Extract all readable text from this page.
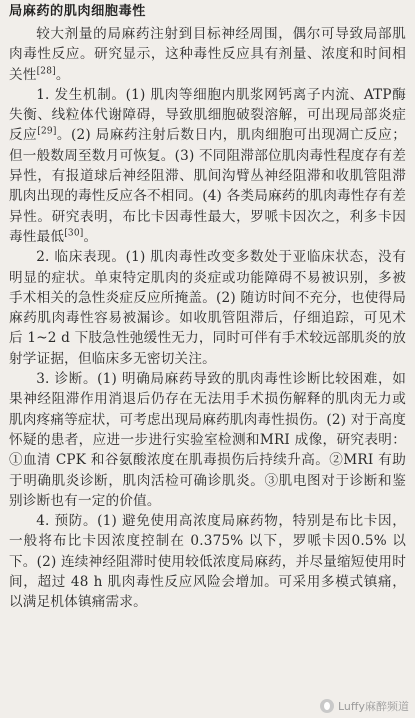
局麻药的肌肉细胞毒性

较大剂量的局麻药注射到目标神经周围，偶尔可导致局部肌肉毒性反应。研究显示，这种毒性反应具有剂量、浓度和时间相关性[28]。

1. 发生机制。(1) 肌肉等细胞内肌浆网钙离子内流、ATP酶失衡、线粒体代谢障碍，导致肌细胞破裂溶解，可出现局部炎症反应[29]。(2) 局麻药注射后数日内，肌肉细胞可出现凋亡反应；但一般数周至数月可恢复。(3) 不同阻滞部位肌肉毒性程度存有差异性，有报道球后神经阻滞、肌间沟臂丛神经阻滞和收肌管阻滞肌肉出现的毒性反应各不相同。(4) 各类局麻药的肌肉毒性存有差异性。研究表明，布比卡因毒性最大，罗哌卡因次之，利多卡因毒性最低[30]。

2. 临床表现。(1) 肌肉毒性改变多数处于亚临床状态，没有明显的症状。单束特定肌肉的炎症或功能障碍不易被识别，多被手术相关的急性炎症反应所掩盖。(2) 随访时间不充分，也使得局麻药肌肉毒性容易被漏诊。如收肌管阻滞后，仔细追踪，可见术后 1~2 d 下肢急性弛缓性无力，同时可伴有手术较远部肌炎的放射学证据，但临床多无密切关注。

3. 诊断。(1) 明确局麻药导致的肌肉毒性诊断比较困难，如果神经阻滞作用消退后仍存在无法用手术损伤解释的肌肉无力或肌肉疼痛等症状，可考虑出现局麻药肌肉毒性损伤。(2) 对于高度怀疑的患者，应进一步进行实验室检测和MRI 成像，研究表明：①血清 CPK 和谷氨酸浓度在肌毒损伤后持续升高。②MRI 有助于明确肌炎诊断，肌肉活检可确诊肌炎。③肌电图对于诊断和鉴别诊断也有一定的价值。

4. 预防。(1) 避免使用高浓度局麻药物，特别是布比卡因，一般将布比卡因浓度控制在 0.375% 以下，罗哌卡因0.5% 以下。(2) 连续神经阻滞时使用较低浓度局麻药，并尽量缩短使用时间，超过 48 h 肌肉毒性反应风险会增加。可采用多模式镇痛，以满足机体镇痛需求。

Luffy麻醉频道
